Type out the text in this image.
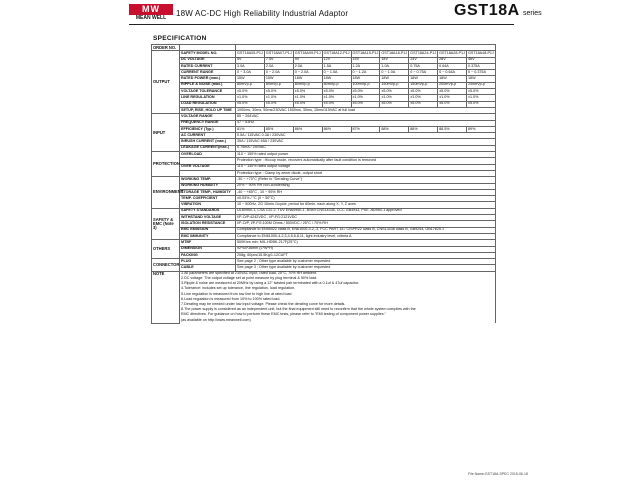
MW
MEAN WELL	18W AC-DC High Reliability Industrial Adaptor	GST18A series
SPECIFICATION
ORDER NO.										
OUTPUT	SAFETY MODEL NO.	GST18A05-P1J	GST18A07-P1J	GST18A09-P1J	GST18A12-P1J	GST18A15-P1J	GST18A18-P1J	GST18A24-P1J	GST18A28-P1J	GST18A48-P1J
	DC VOLTAGE	5V	7.5V	9V	12V	15V	18V	24V	28V	48V
	RATED CURRENT	3.0A	2.0A	2.0A	1.5A	1.2A	1.0A	0.75A	0.64A	0.375A
	CURRENT RANGE	0 ~ 3.0A	0 ~ 2.0A	0 ~ 2.0A	0 ~ 1.5A	0 ~ 1.2A	0 ~ 1.0A	0 ~ 0.75A	0 ~ 0.64A	0 ~ 0.375A
	RATED POWER (max.)	15W	15W	18W	18W	18W	18W	18W	18W	18W
	RIPPLE & NOISE (max.)	80mVp-p	80mVp-p	80mVp-p	80mVp-p	100mVp-p	150mVp-p	150mVp-p	200mVp-p	240mVp-p
	VOLTAGE TOLERANCE	±5.0%	±5.0%	±5.0%	±5.0%	±5.0%	±5.0%	±5.0%	±5.0%	±5.0%
	LINE REGULATION	±1.0%	±1.0%	±1.0%	±1.0%	±1.0%	±1.0%	±1.0%	±1.0%	±1.0%
	LOAD REGULATION	±5.0%	±5.0%	±5.0%	±5.0%	±5.0%	±5.0%	±5.0%	±5.0%	±5.0%
	SETUP, RISE, HOLD UP TIME	1000ms, 30ms, 50ms/230VAC 1500ms, 30ms, 15ms/115VAC at full load								
INPUT	VOLTAGE RANGE	85 ~ 264VAC								
	FREQUENCY RANGE	47 ~ 63Hz								
	EFFICIENCY (Typ.)	81%	85%	86%	86%	87%	88%	88%	88.5%	89%
	AC CURRENT	0.5A / 115VAC 0.3A / 230VAC								
	INRUSH CURRENT (max.)	35A / 115VAC 65A / 230VAC								
	LEAKAGE CURRENT(max.)	0.75mA / 240VAC								
PROTECTION	OVERLOAD	110 ~ 150% rated output power								
		Protection type : Hiccup mode, recovers automatically after fault condition is removed								
	OVER VOLTAGE	110 ~ 140% rated output voltage								
		Protection type : Clamp by zener diode, output short								
ENVIRONMENT	WORKING TEMP.	-30 ~ +70°C (Refer to "Derating Curve")								
	WORKING HUMIDITY	20% ~ 90% RH non-condensing								
	STORAGE TEMP., HUMIDITY	-40 ~ +85°C , 10 ~ 95% RH								
	TEMP. COEFFICIENT	±0.03% / °C (0 ~ 50°C)								
	VIBRATION	10 ~ 500Hz, 2G 10min./1cycle, period for 60min. each along X, Y, Z axes								
SAFETY & EMC (Note 3)	SAFETY STANDARDS	UL60950-1, CSA C22.2, TUV EN60950-1, BSMI CNS14336, CCC GB4943, PSE J60950-1 approved								
	WITHSTAND VOLTAGE	I/P-O/P:4242VDC , I/P-FG:2121VDC								
	ISOLATION RESISTANCE	I/P-O/P, I/P-FG:100M Ohms / 500VDC / 25°C / 70% RH								
	EMC EMISSION	Compliance to EN55022 class B, EN61000-3-2,-3, FCC PART 15 / CISPR22 class B, CNS13438 class B, GB9254, GB17625.1								
	EMC IMMUNITY	Compliance to EN61000-4-2,3,4,5,6,8,11, light industry level, criteria A								
OTHERS	MTBF	500Khrs min. MIL-HDBK-217F(25°C)								
	DIMENSION	92*54*36mm (L*W*H)								
	PACKING	208g; 60pcs/15.5Kg/1.12CUFT								
CONNECTOR	PLUG	See page 2 ; Other type available by customer requested								
	CABLE	See page 3 ; Other type available by customer requested								
NOTE	1.All parameters are specified at 230VAC input, rated load, 25°C, 70% RH ambient.									
	2.DC voltage: The output voltage set at point measure by plug terminal & 50% load.									
	3.Ripple & noise are measured at 20MHz by using a 12" twisted pair terminated with a 0.1uf & 47uf capacitor.									
	4.Tolerance: includes set up tolerance, line regulation, load regulation.									
	5.Line regulation is measured from low line to high line at rated load.									
	6.Load regulation is measured from 10% to 100% rated load.									
	7.Derating may be needed under low input voltage. Please check the derating curve for more details.									
	8.The power supply is considered as an independent unit, but the final equipment still need to reconfirm that the whole system complies with the									
	EMC directives. For guidance on how to perform these EMC tests, please refer to "EMI testing of component power supplies."									
	(as available on http://www.meanwell.com)									
File Name:GST18A-SPEC 2015-06-18
